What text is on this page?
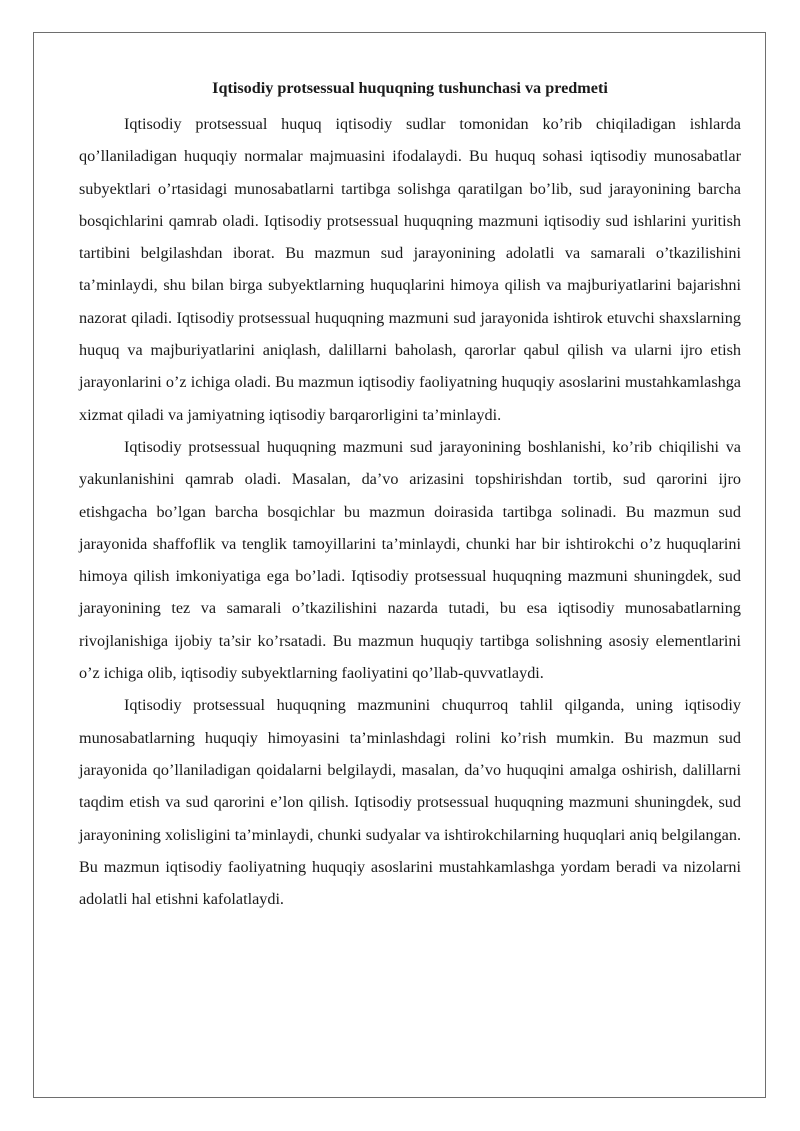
Iqtisodiy protsessual huquqning tushunchasi va predmeti

Iqtisodiy protsessual huquq iqtisodiy sudlar tomonidan ko’rib chiqiladigan ishlarda qo’llaniladigan huquqiy normalar majmuasini ifodalaydi. Bu huquq sohasi iqtisodiy munosabatlar subyektlari o’rtasidagi munosabatlarni tartibga solishga qaratilgan bo’lib, sud jarayonining barcha bosqichlarini qamrab oladi. Iqtisodiy protsessual huquqning mazmuni iqtisodiy sud ishlarini yuritish tartibini belgilashdan iborat. Bu mazmun sud jarayonining adolatli va samarali o’tkazilishini ta’minlaydi, shu bilan birga subyektlarning huquqlarini himoya qilish va majburiyatlarini bajarishni nazorat qiladi. Iqtisodiy protsessual huquqning mazmuni sud jarayonida ishtirok etuvchi shaxslarning huquq va majburiyatlarini aniqlash, dalillarni baholash, qarorlar qabul qilish va ularni ijro etish jarayonlarini o’z ichiga oladi. Bu mazmun iqtisodiy faoliyatning huquqiy asoslarini mustahkamlashga xizmat qiladi va jamiyatning iqtisodiy barqarorligini ta’minlaydi.

Iqtisodiy protsessual huquqning mazmuni sud jarayonining boshlanishi, ko’rib chiqilishi va yakunlanishini qamrab oladi. Masalan, da’vo arizasini topshirishdan tortib, sud qarorini ijro etishgacha bo’lgan barcha bosqichlar bu mazmun doirasida tartibga solinadi. Bu mazmun sud jarayonida shaffoflik va tenglik tamoyillarini ta’minlaydi, chunki har bir ishtirokchi o’z huquqlarini himoya qilish imkoniyatiga ega bo’ladi. Iqtisodiy protsessual huquqning mazmuni shuningdek, sud jarayonining tez va samarali o’tkazilishini nazarda tutadi, bu esa iqtisodiy munosabatlarning rivojlanishiga ijobiy ta’sir ko’rsatadi. Bu mazmun huquqiy tartibga solishning asosiy elementlarini o’z ichiga olib, iqtisodiy subyektlarning faoliyatini qo’llab-quvvatlaydi.

Iqtisodiy protsessual huquqning mazmunini chuqurroq tahlil qilganda, uning iqtisodiy munosabatlarning huquqiy himoyasini ta’minlashdagi rolini ko’rish mumkin. Bu mazmun sud jarayonida qo’llaniladigan qoidalarni belgilaydi, masalan, da’vo huquqini amalga oshirish, dalillarni taqdim etish va sud qarorini e’lon qilish. Iqtisodiy protsessual huquqning mazmuni shuningdek, sud jarayonining xolisligini ta’minlaydi, chunki sudyalar va ishtirokchilarning huquqlari aniq belgilangan. Bu mazmun iqtisodiy faoliyatning huquqiy asoslarini mustahkamlashga yordam beradi va nizolarni adolatli hal etishni kafolatlaydi.
